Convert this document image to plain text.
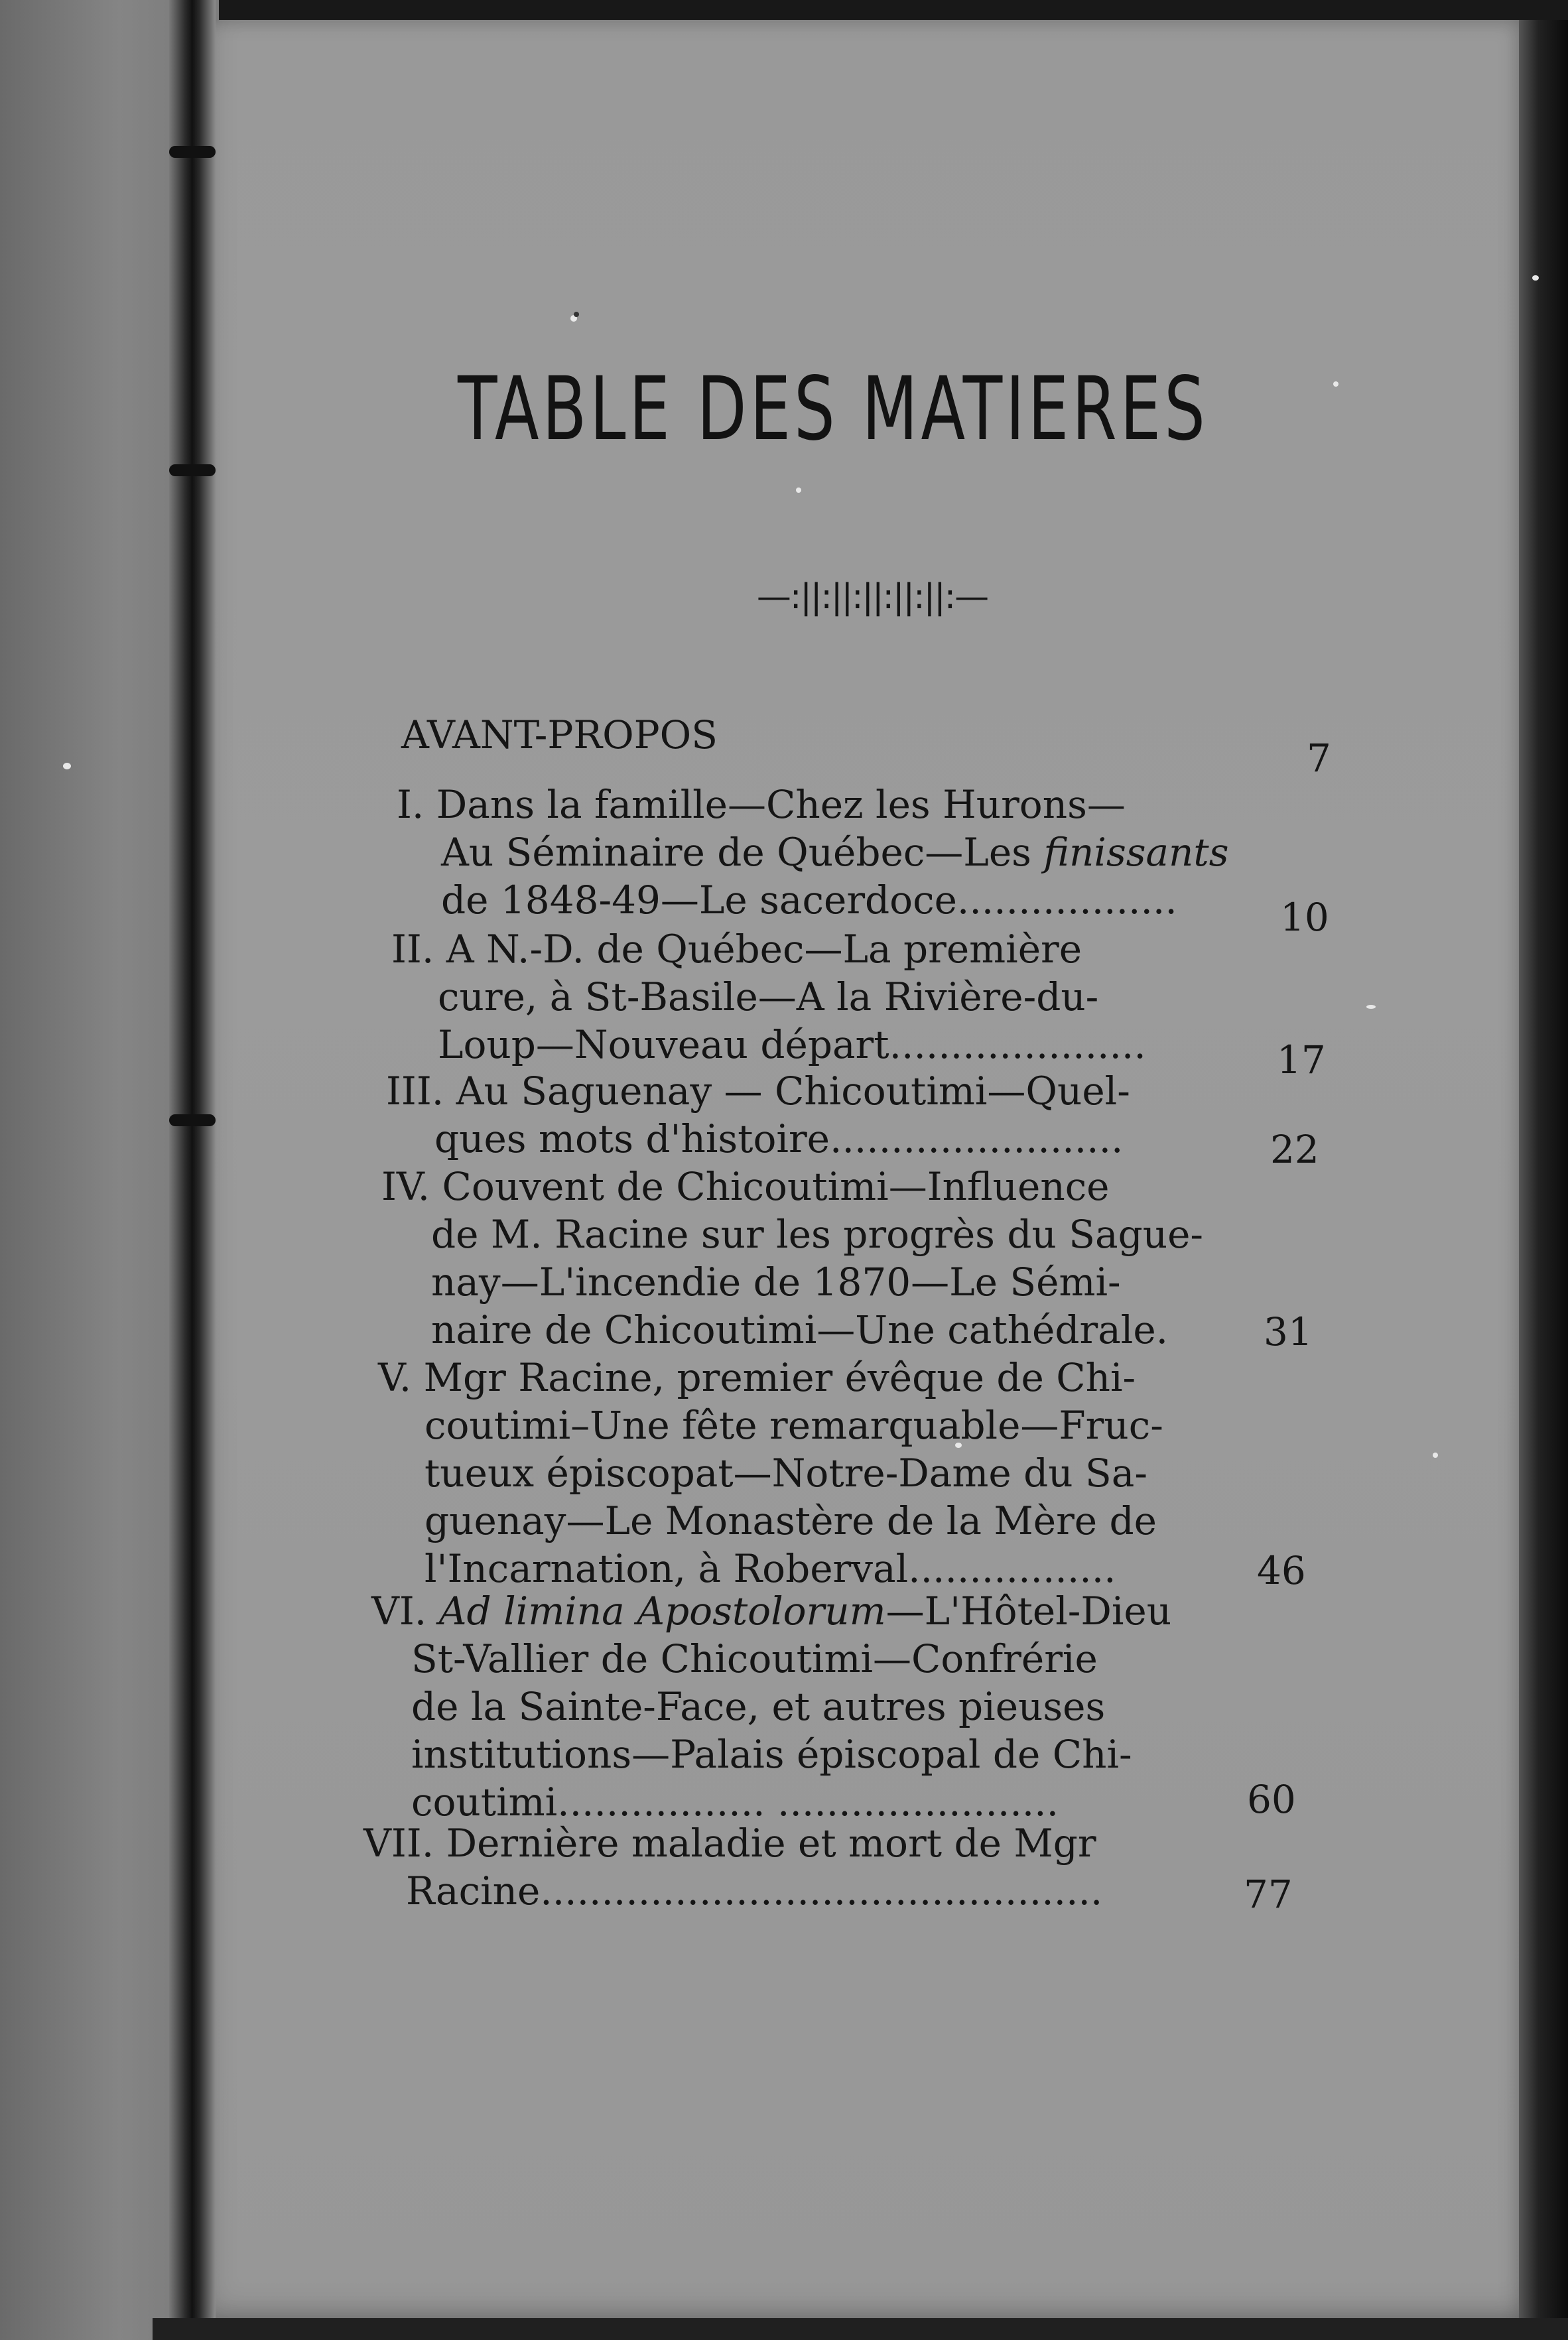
TABLE DES MATIERES

—:||:||:||:||:||:—

AVANT-PROPOS

7

I. Dans la famille—Chez les Hurons—

Au Séminaire de Québec—Les finissants

de 1848-49—Le sacerdoce..................	10

II. A N.-D. de Québec—La première

cure, à St-Basile—A la Rivière-du-

Loup—Nouveau départ.....................	17

III. Au Saguenay — Chicoutimi—Quel-

ques mots d'histoire........................	22

IV. Couvent de Chicoutimi—Influence

de M. Racine sur les progrès du Sague-

nay—L'incendie de 1870—Le Sémi-

naire de Chicoutimi—Une cathédrale. 31

V. Mgr Racine, premier évêque de Chi-

coutimi–Une fête remarquable—Fruc-

tueux épiscopat—Notre-Dame du Sa-

guenay—Le Monastère de la Mère de

l'Incarnation, à Roberval.................	46

VI. Ad limina Apostolorum—L'Hôtel-Dieu

St-Vallier de Chicoutimi—Confrérie

de la Sainte-Face, et autres pieuses

institutions—Palais épiscopal de Chi-

coutimi................. .......................	60

VII. Dernière maladie et mort de Mgr

Racine..............................................	77
